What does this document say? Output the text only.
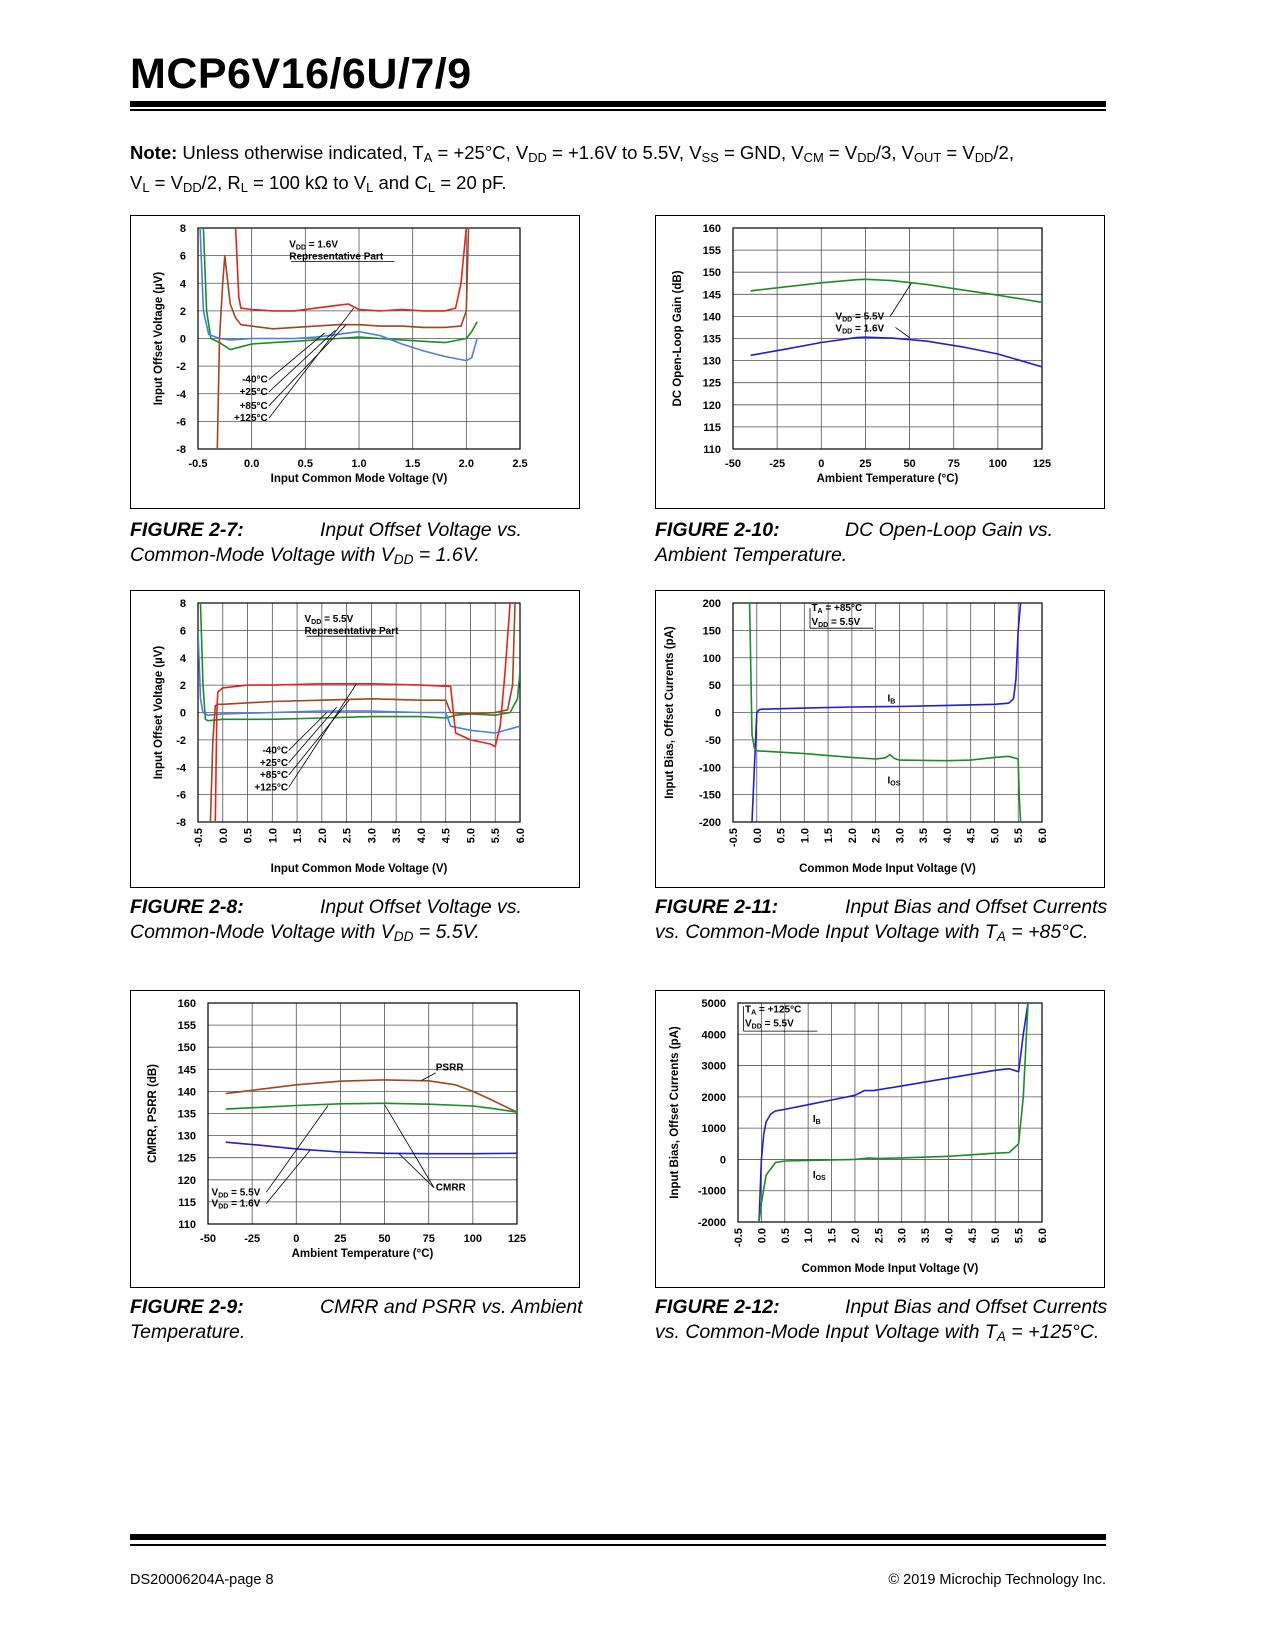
MCP6V16/6U/7/9
Note: Unless otherwise indicated, $T_A = +25^\circ C$, $V_{DD} = +1.6V$ to 5.5V, $V_{SS}$ = GND, $V_{CM} = V_{DD}/3$, $V_{OUT} = V_{DD}/2$,
$V_L = V_{DD}/2$, $R_L = 100$ kΩ to $V_L$ and $C_L = 20$ pF.
-0.5	0.0	0.5	1.0	1.5	2.0	2.5
-8
-6
-4
-2
0
2
4
6
8
Input Common Mode Voltage (V)
Input Offset Voltage (µV)
$V_{DD} = 1.6V$
Representative Part
-40°C
+25°C
+85°C
+125°C
-50	-25	0	25	50	75	100 125
110
115
120
125
130
135
140
145
150
155
160
Ambient Temperature (°C)
DC Open-Loop Gain (dB)	$V_{DD} = 5.5V$
$V_{DD} = 1.6V$
-0.5 0.0 0.5 1.0 1.5 2.0 2.5 3.0 3.5 4.0 4.5 5.0 5.5 6.0
-8
-6
-4
-2
0
2
4
6
8
Input Common Mode Voltage (V)
Input Offset Voltage (µV)
$V_{DD} = 5.5V$
Representative Part
-40°C
+25°C
+85°C
+125°C
-0.5 0.0 0.5 1.0 1.5 2.0 2.5 3.0 3.5 4.0 4.5 5.0 5.5 6.0
-200
-150
-100
-50
0
50
100
150
200
Common Mode Input Voltage (V)
Input Bias, Offset Currents (pA)
$T_A = +85^\circ C$
$V_{DD} = 5.5V$
$I_B$
$I_{OS}$
-50	-25	0	25	50	75	100 125
110
115
120
125
130
135
140
145
150
155
160
Ambient Temperature (°C)
CMRR, PSRR (dB)
$V_{DD} = 5.5V$
$V_{DD} = 1.6V$
PSRR
CMRR
-0.5 0.0 0.5 1.0 1.5 2.0 2.5 3.0 3.5 4.0 4.5 5.0 5.5 6.0
-2000
-1000
0
1000
2000
3000
4000
5000
Common Mode Input Voltage (V)
Input Bias, Offset Currents (pA)
$T_A = +125^\circ C$
$V_{DD} = 5.5V$
$I_B$
$I_{OS}$
FIGURE 2-7:	Input Offset Voltage vs. Common-Mode Voltage with $V_{DD} = 1.6V$.
FIGURE 2-10:	DC Open-Loop Gain vs. Ambient Temperature.
FIGURE 2-8:	Input Offset Voltage vs. Common-Mode Voltage with $V_{DD} = 5.5V$.
FIGURE 2-11:	Input Bias and Offset Currents vs. Common-Mode Input Voltage with $T_A = +85^\circ C$.
FIGURE 2-9:	CMRR and PSRR vs. Ambient Temperature.
FIGURE 2-12:	Input Bias and Offset Currents vs. Common-Mode Input Voltage with $T_A = +125^\circ C$.
DS20006204A-page 8	© 2019 Microchip Technology Inc.
